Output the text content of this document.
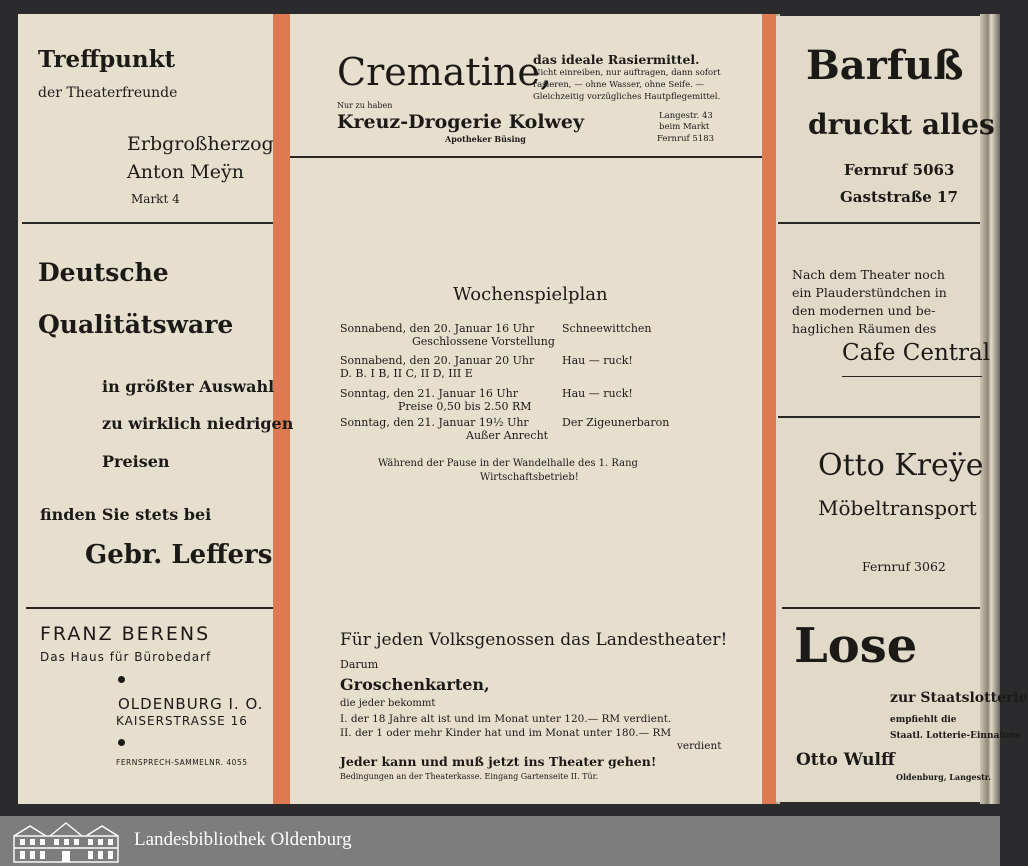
Treffpunkt
der Theaterfreunde
Erbgroßherzog
Anton Meÿn
Markt 4
Deutsche
Qualitätsware
in größter Auswahl
zu wirklich niedrigen
Preisen
finden Sie stets bei
Gebr. Leffers
FRANZ BERENS
Das Haus für Bürobedarf
OLDENBURG I. O.
KAISERSTRASSE 16
FERNSPRECH-SAMMELNR. 4055
Crematine,
das ideale Rasiermittel.
Nicht einreiben, nur auftragen, dann sofort
rasieren, — ohne Wasser, ohne Seife. —
Gleichzeitig vorzügliches Hautpflegemittel.
Nur zu haben
Kreuz-Drogerie Kolwey
Apotheker Büsing
Langestr. 43
beim Markt
Fernruf 5183
Wochenspielplan
Sonnabend, den 20. Januar 16 Uhr
Geschlossene Vorstellung
Schneewittchen
Sonnabend, den 20. Januar 20 Uhr
D. B. I B, II C, II D, III E
Hau — ruck!
Sonntag, den 21. Januar 16 Uhr
Preise 0,50 bis 2.50 RM
Hau — ruck!
Sonntag, den 21. Januar 19½ Uhr
Außer Anrecht
Der Zigeunerbaron
Während der Pause in der Wandelhalle des 1. Rang
Wirtschaftsbetrieb!
Für jeden Volksgenossen das Landestheater!
Darum
Groschenkarten,
die jeder bekommt
I. der 18 Jahre alt ist und im Monat unter 120.— RM verdient.
II. der 1 oder mehr Kinder hat und im Monat unter 180.— RM
verdient
Jeder kann und muß jetzt ins Theater gehen!
Bedingungen an der Theaterkasse. Eingang Gartenseite II. Tür.
Barfuß
druckt alles
Fernruf 5063
Gaststraße 17
Nach dem Theater noch
ein Plauderstündchen in
den modernen und be-
haglichen Räumen des
Cafe Central
Otto Kreÿe
Möbeltransport
Fernruf 3062
Lose
zur Staatslotterie
empfiehlt die
Staatl. Lotterie-Einnahme
Otto Wulff
Oldenburg, Langestr.
Landesbibliothek Oldenburg
